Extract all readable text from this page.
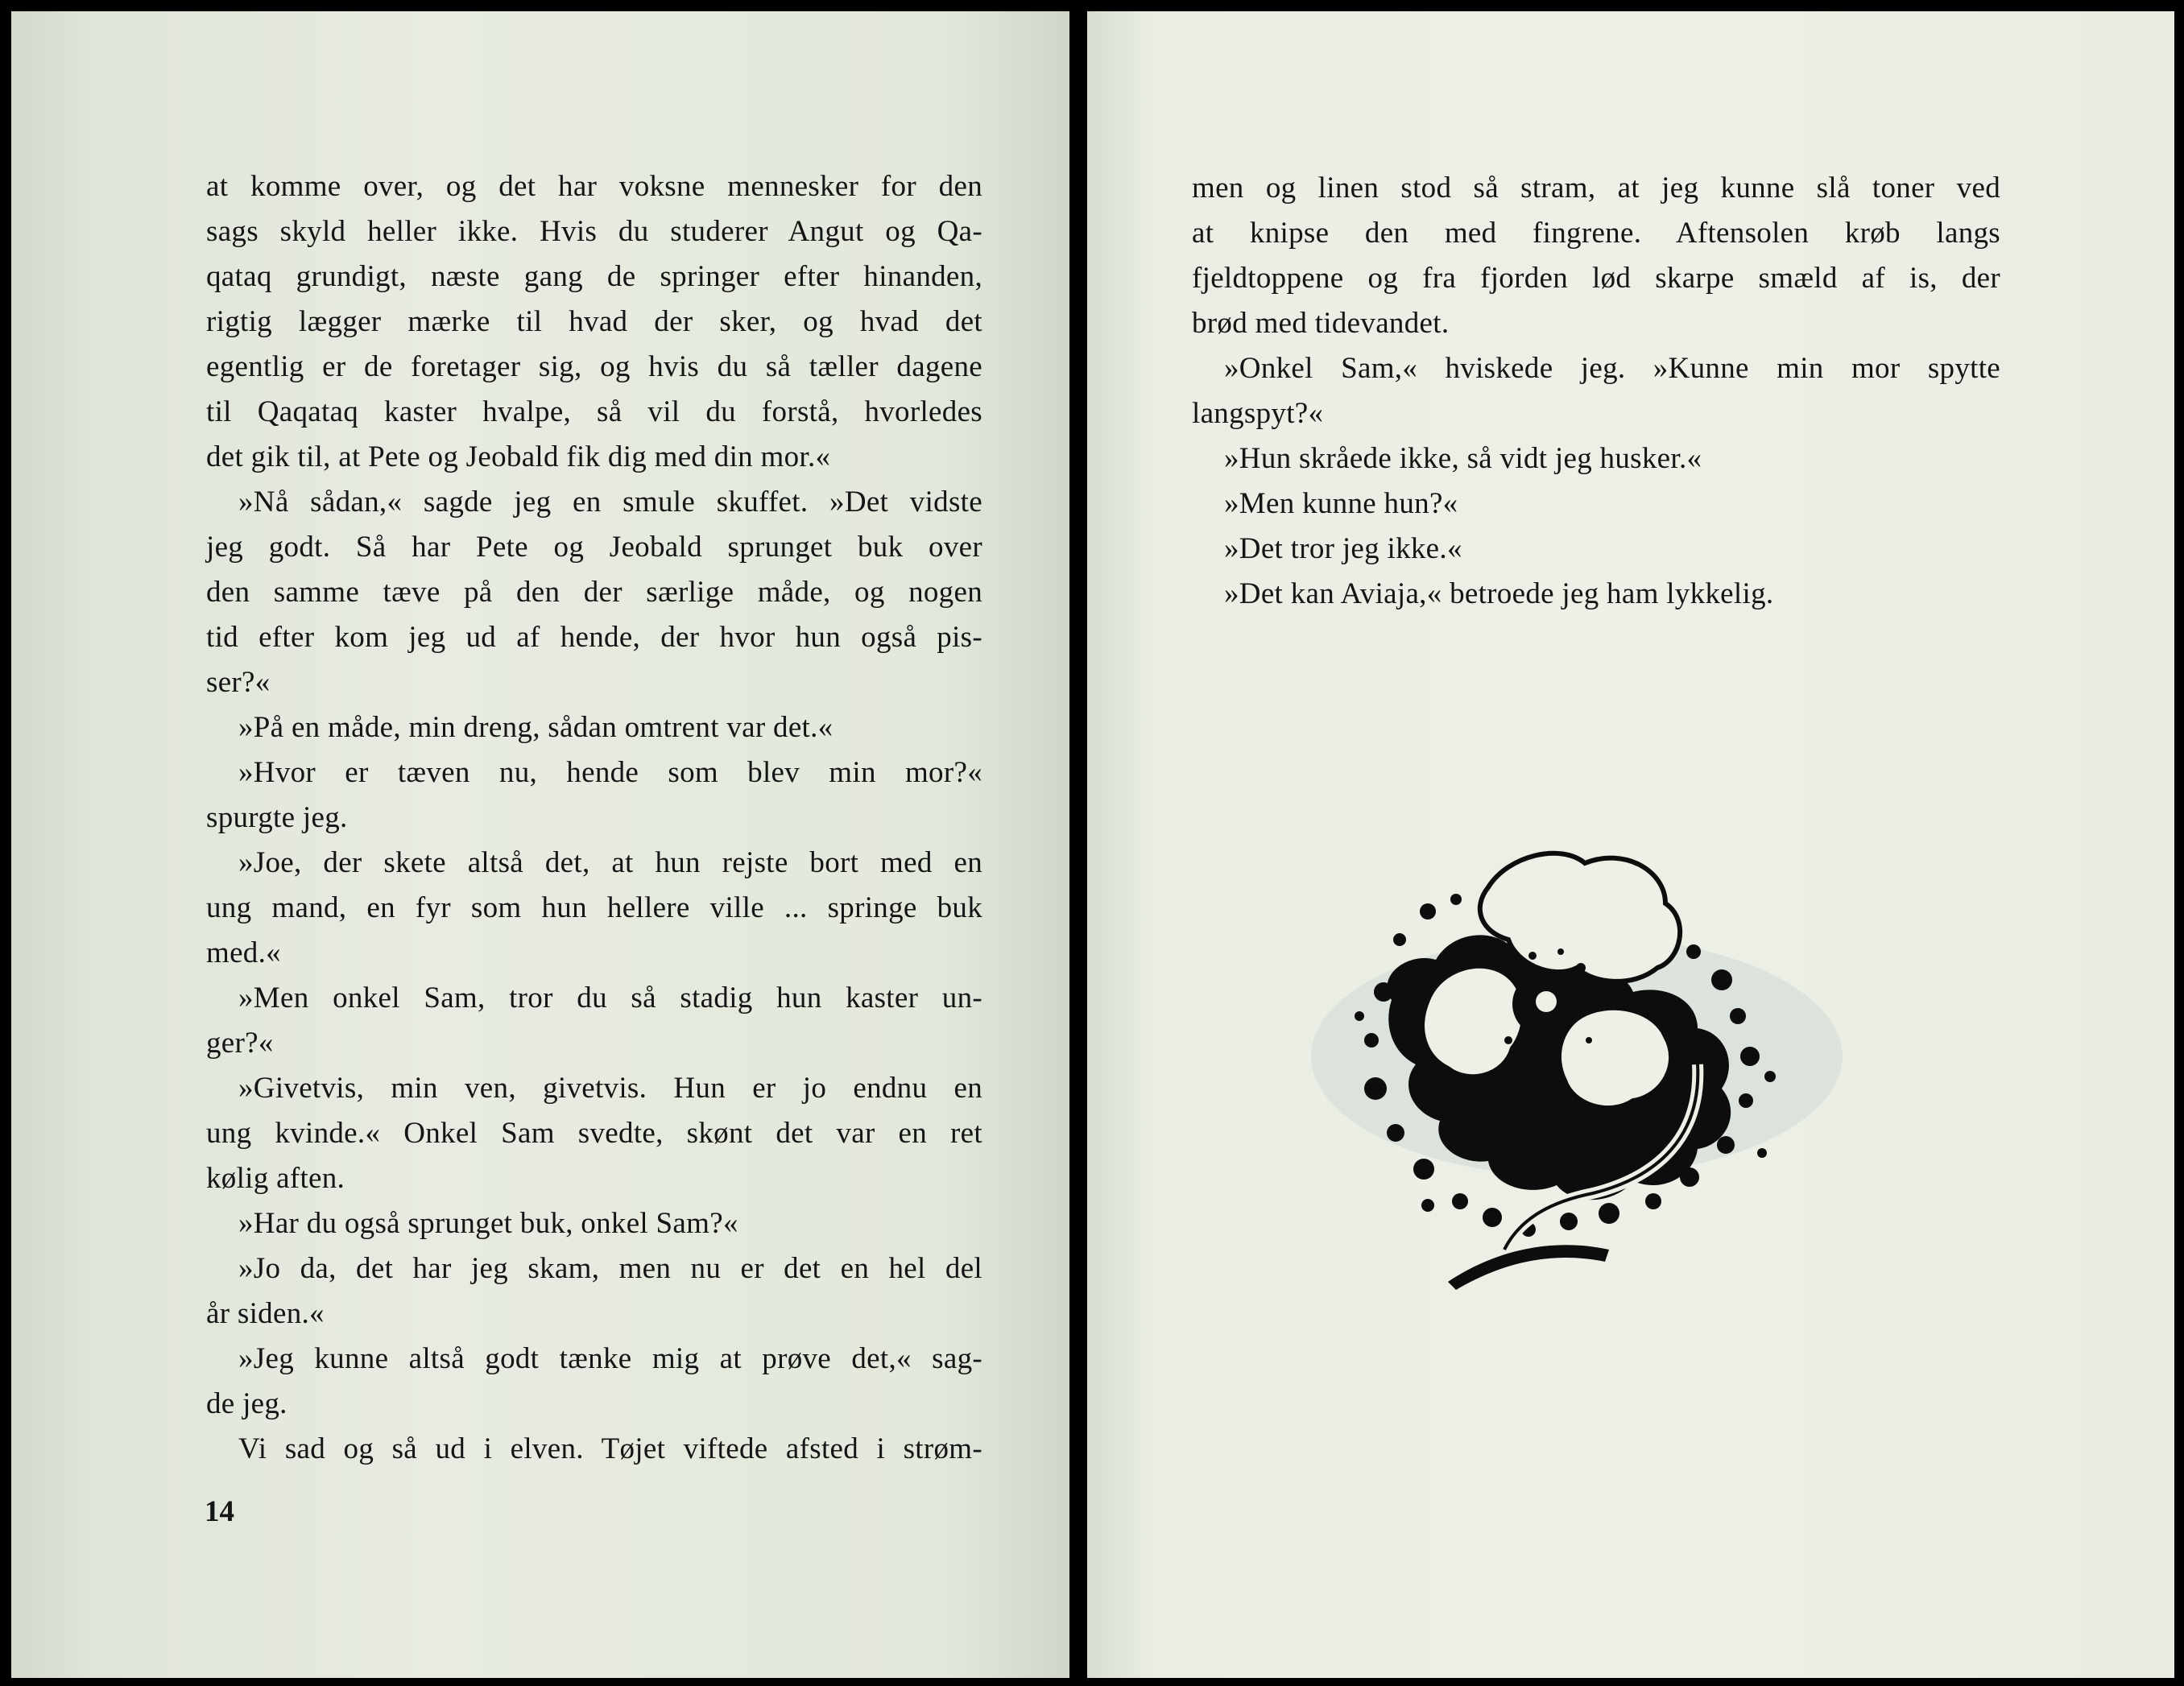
at komme over, og det har voksne mennesker for den

sags skyld heller ikke. Hvis du studerer Angut og Qa-

qataq grundigt, næste gang de springer efter hinanden,

rigtig lægger mærke til hvad der sker, og hvad det

egentlig er de foretager sig, og hvis du så tæller dagene

til Qaqataq kaster hvalpe, så vil du forstå, hvorledes

det gik til, at Pete og Jeobald fik dig med din mor.«

»Nå sådan,« sagde jeg en smule skuffet. »Det vidste

jeg godt. Så har Pete og Jeobald sprunget buk over

den samme tæve på den der særlige måde, og nogen

tid efter kom jeg ud af hende, der hvor hun også pis-

ser?«

»På en måde, min dreng, sådan omtrent var det.«

»Hvor er tæven nu, hende som blev min mor?«

spurgte jeg.

»Joe, der skete altså det, at hun rejste bort med en

ung mand, en fyr som hun hellere ville ... springe buk

med.«

»Men onkel Sam, tror du så stadig hun kaster un-

ger?«

»Givetvis, min ven, givetvis. Hun er jo endnu en

ung kvinde.« Onkel Sam svedte, skønt det var en ret

kølig aften.

»Har du også sprunget buk, onkel Sam?«

»Jo da, det har jeg skam, men nu er det en hel del

år siden.«

»Jeg kunne altså godt tænke mig at prøve det,« sag-

de jeg.

Vi sad og så ud i elven. Tøjet viftede afsted i strøm-

14

men og linen stod så stram, at jeg kunne slå toner ved

at knipse den med fingrene. Aftensolen krøb langs

fjeldtoppene og fra fjorden lød skarpe smæld af is, der

brød med tidevandet.

»Onkel Sam,« hviskede jeg. »Kunne min mor spytte

langspyt?«

»Hun skråede ikke, så vidt jeg husker.«

»Men kunne hun?«

»Det tror jeg ikke.«

»Det kan Aviaja,« betroede jeg ham lykkelig.
